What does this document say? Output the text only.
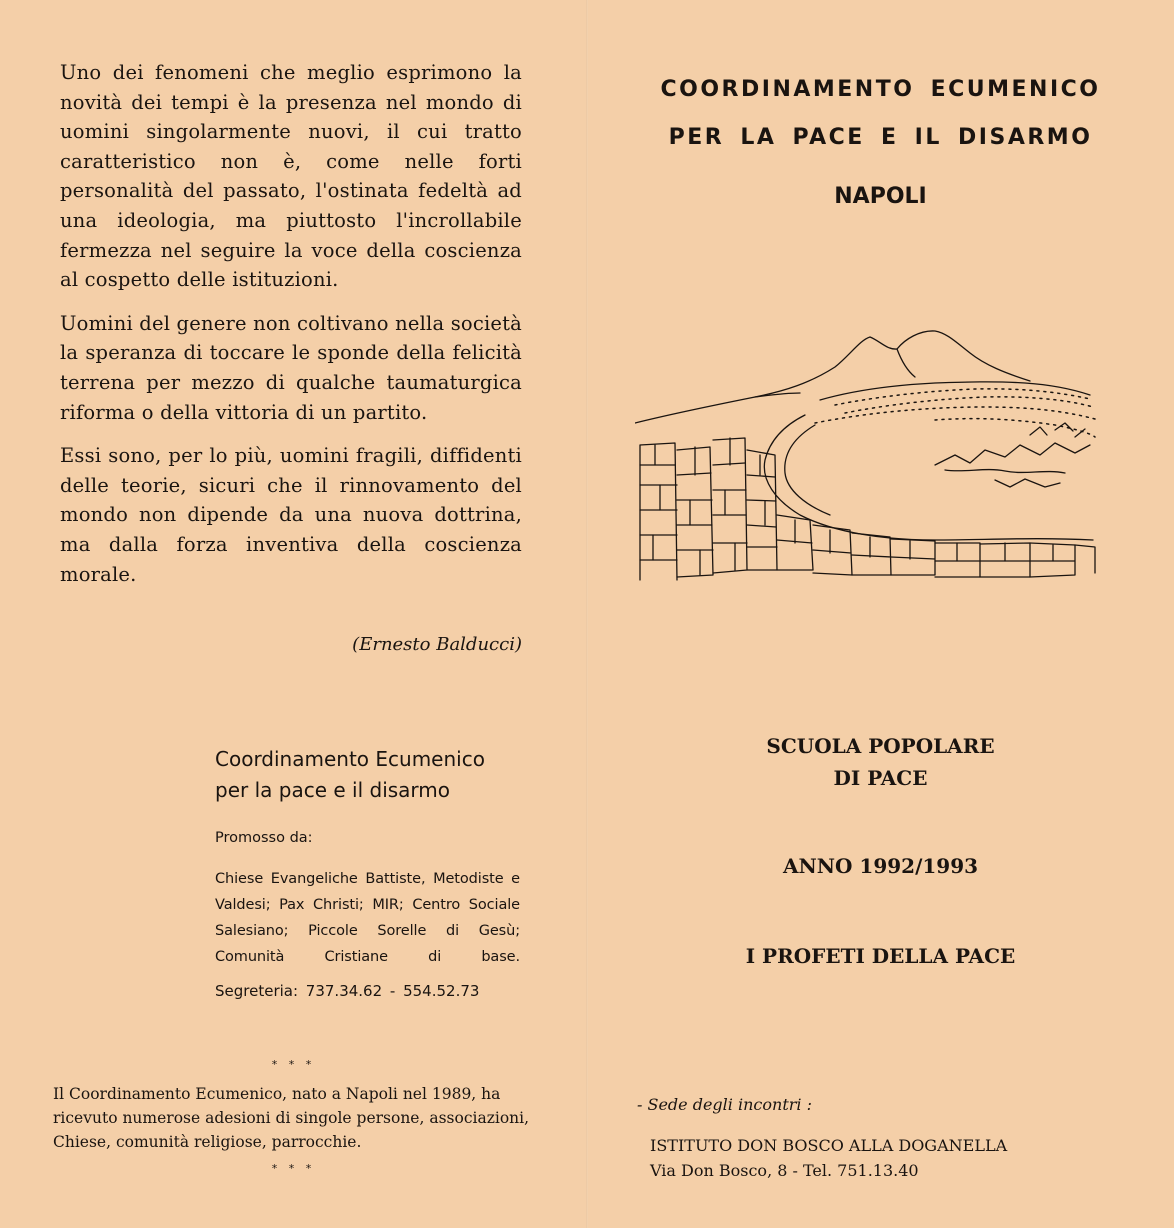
Uno dei fenomeni che meglio esprimono la novità dei tempi è la presenza nel mondo di uomini singolarmente nuovi, il cui tratto caratteristico non è, come nelle forti personalità del passato, l'ostinata fedeltà ad una ideologia, ma piuttosto l'incrollabile fermezza nel seguire la voce della coscienza al cospetto delle istituzioni.

Uomini del genere non coltivano nella società la speranza di toccare le sponde della felicità terrena per mezzo di qualche taumaturgica riforma o della vittoria di un partito.

Essi sono, per lo più, uomini fragili, diffidenti delle teorie, sicuri che il rinnovamento del mondo non dipende da una nuova dottrina, ma dalla forza inventiva della coscienza morale.

(Ernesto Balducci)
Coordinamento Ecumenico
per la pace e il disarmo
Promosso da:
Chiese Evangeliche Battiste, Metodiste e Valdesi; Pax Christi; MIR; Centro Sociale Salesiano; Piccole Sorelle di Gesù; Comunità Cristiane di base.
Segreteria: 737.34.62 - 554.52.73
* * *
Il Coordinamento Ecumenico, nato a Napoli nel 1989, ha ricevuto numerose adesioni di singole persone, associazioni, Chiese, comunità religiose, parrocchie.
* * *
COORDINAMENTO ECUMENICO
PER LA PACE E IL DISARMO
NAPOLI
SCUOLA POPOLARE
DI PACE
ANNO 1992/1993
I PROFETI DELLA PACE
- Sede degli incontri :
ISTITUTO DON BOSCO ALLA DOGANELLA
Via Don Bosco, 8 - Tel. 751.13.40
